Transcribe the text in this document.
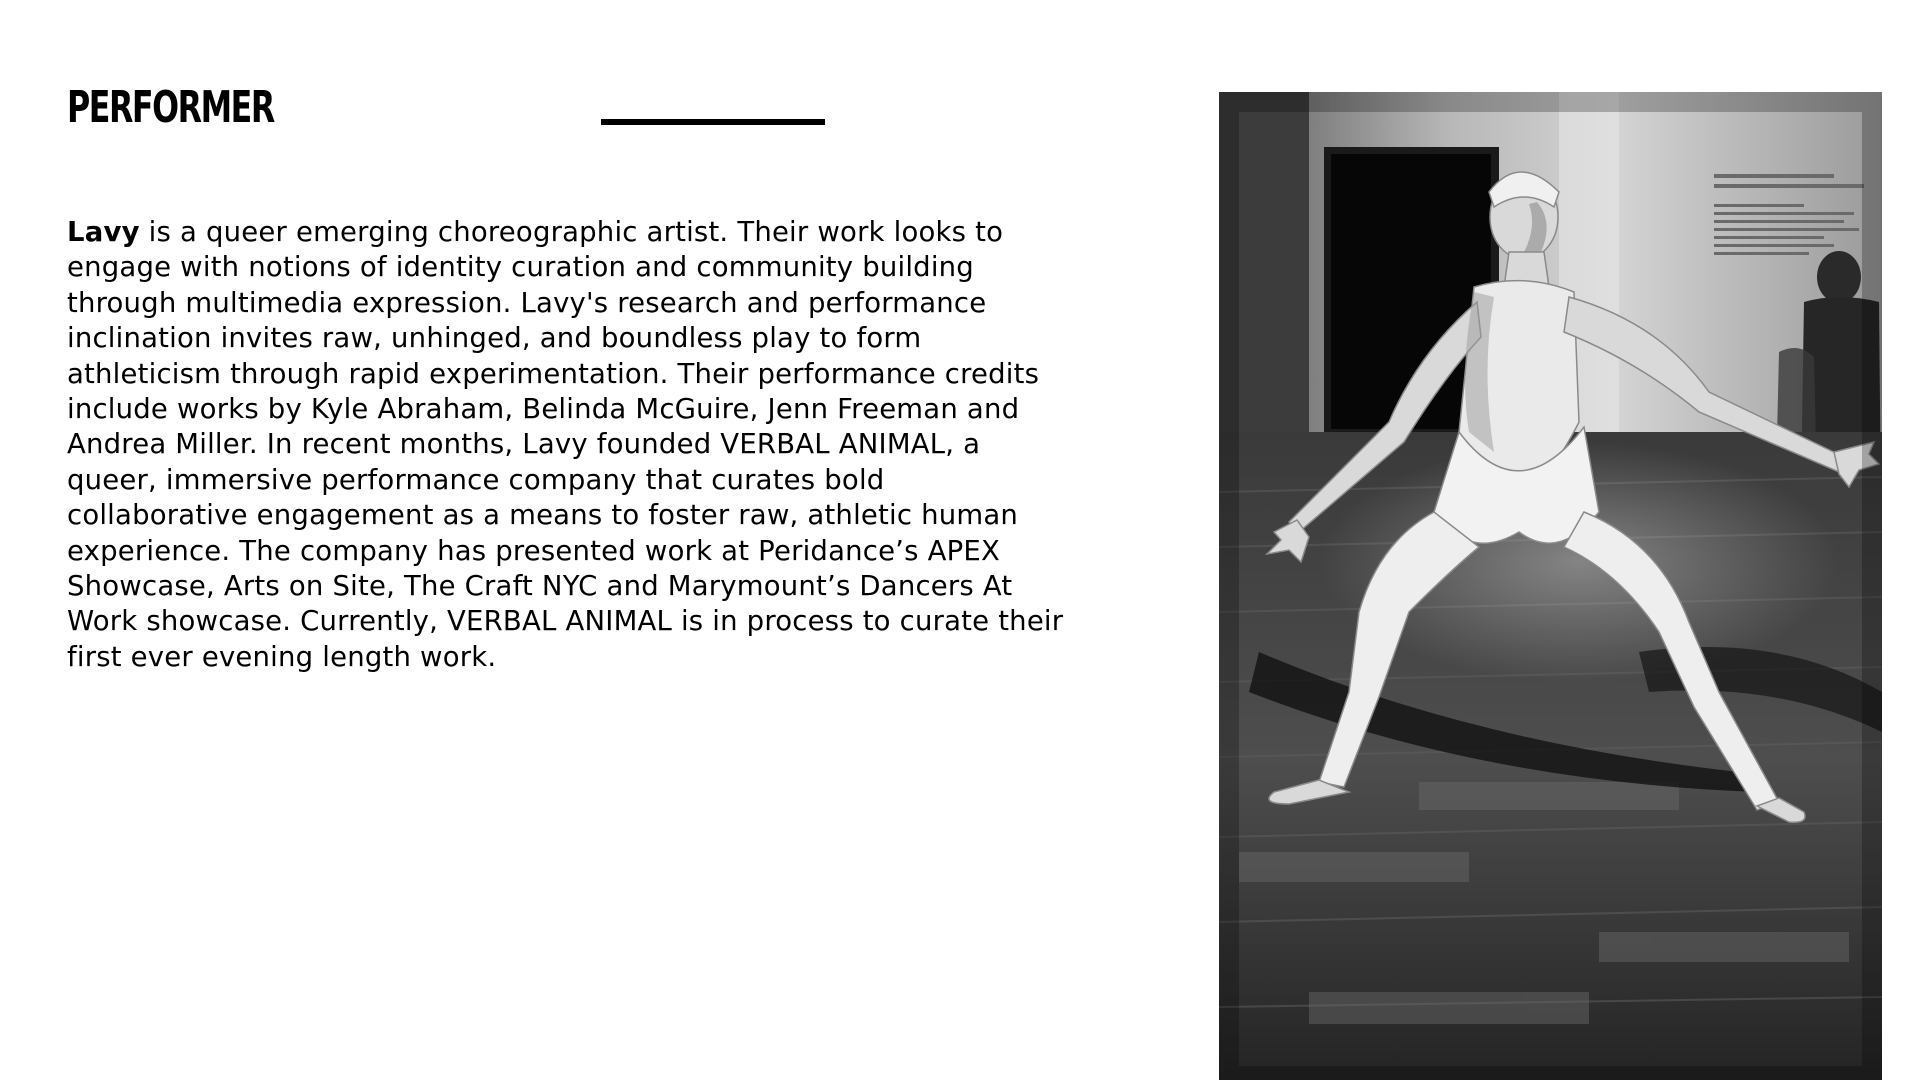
PERFORMER
Lavy is a queer emerging choreographic artist. Their work looks to engage with notions of identity curation and community building through multimedia expression. Lavy's research and performance inclination invites raw, unhinged, and boundless play to form athleticism through rapid experimentation. Their performance credits include works by Kyle Abraham, Belinda McGuire, Jenn Freeman and Andrea Miller. In recent months, Lavy founded VERBAL ANIMAL, a queer, immersive performance company that curates bold collaborative engagement as a means to foster raw, athletic human experience. The company has presented work at Peridance’s APEX Showcase, Arts on Site, The Craft NYC and Marymount’s Dancers At Work showcase. Currently, VERBAL ANIMAL is in process to curate their first ever evening length work.
